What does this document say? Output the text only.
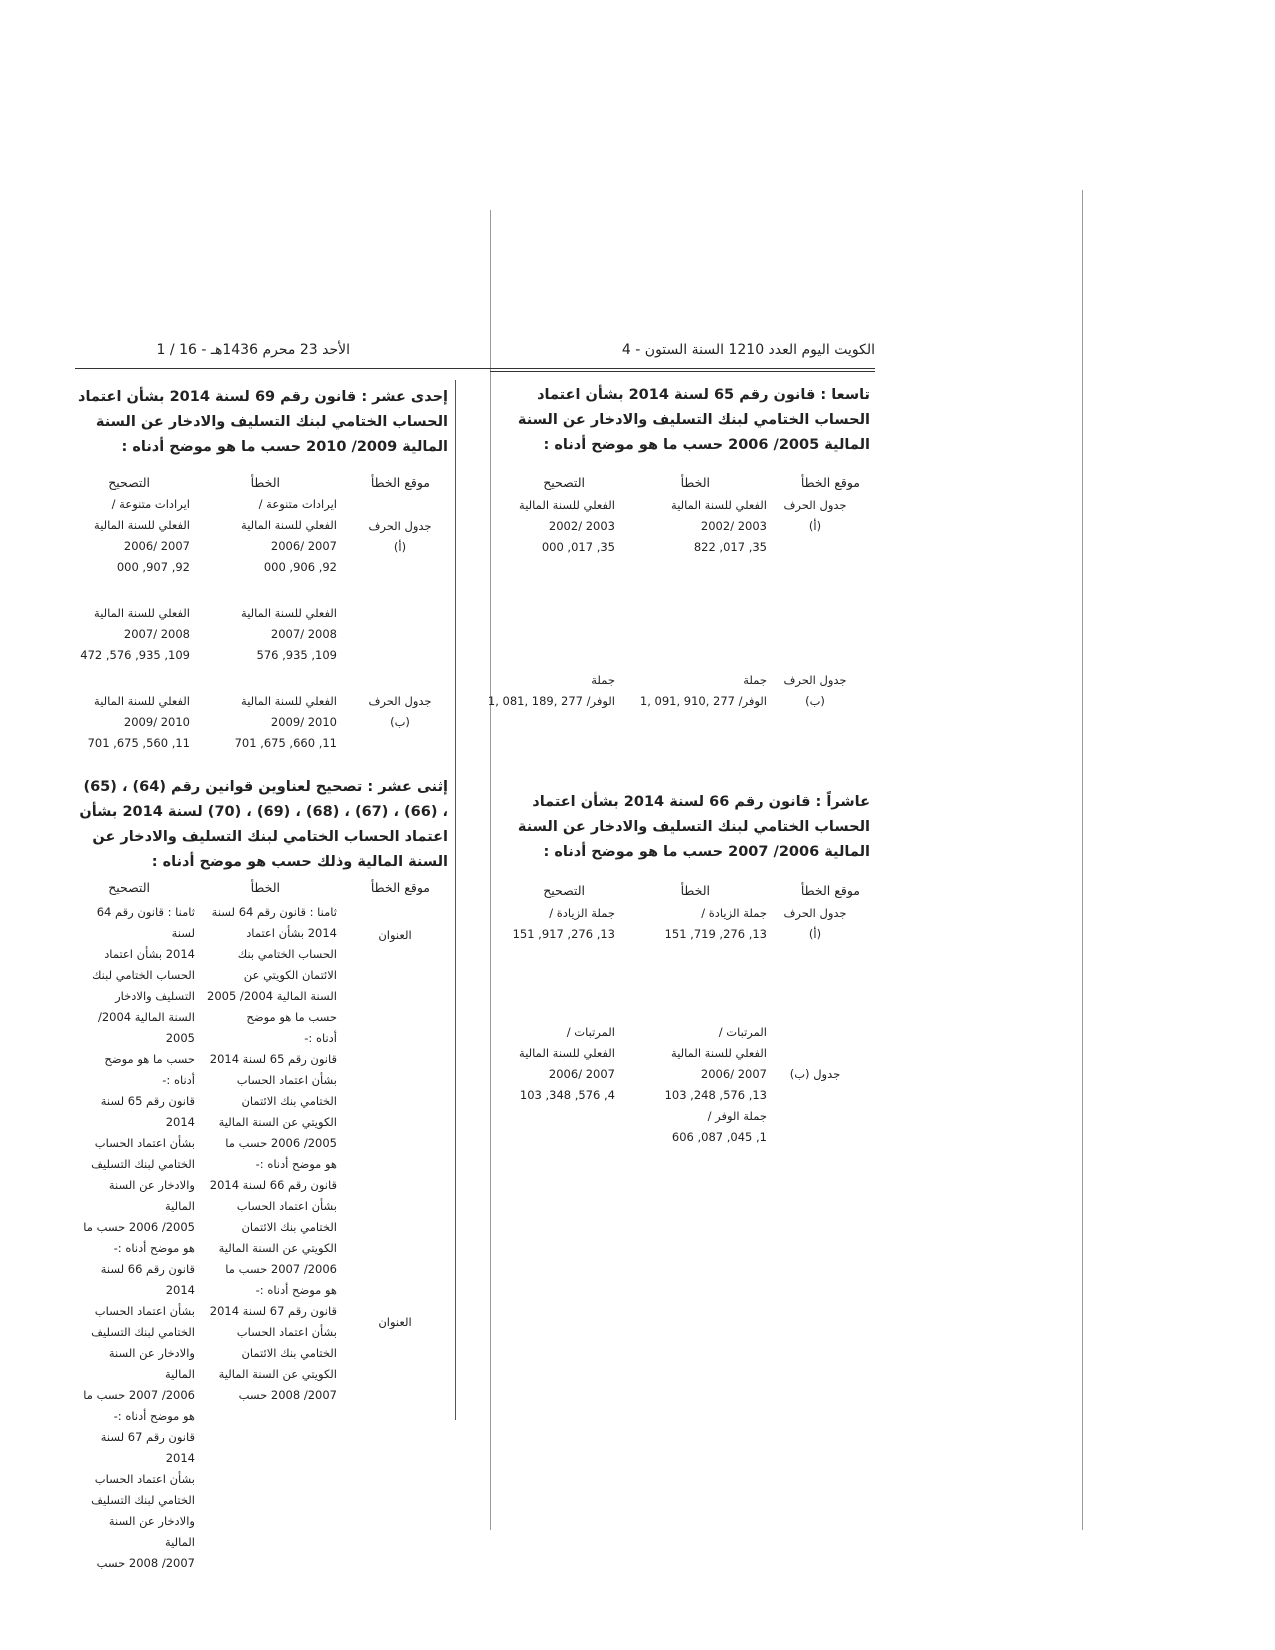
الكويت اليوم العدد 1210 السنة الستون - 4
الأحد 23 محرم 1436هـ - 16 / 1
تاسعا : قانون رقم 65 لسنة 2014 بشأن اعتماد الحساب الختامي لبنك التسليف والادخار عن السنة المالية 2005/ 2006 حسب ما هو موضح أدناه :
موقع الخطأ
الخطأ
التصحيح
جدول الحرف
(أ)
الفعلي للسنة المالية
2003 /2002
35, 017, 822
الفعلي للسنة المالية
2003 /2002
35, 017, 000
جدول الحرف
(ب)
جملة
الوفر/ 277 ,910 ,091 ,1
جملة
الوفر/ 277 ,189 ,081 ,1
عاشراً : قانون رقم 66 لسنة 2014 بشأن اعتماد الحساب الختامي لبنك التسليف والادخار عن السنة المالية 2006/ 2007 حسب ما هو موضح أدناه :
موقع الخطأ
الخطأ
التصحيح
جدول الحرف
(أ)
جملة الزيادة /
13, 276, 719, 151
جملة الزيادة /
13, 276, 917, 151
جدول (ب)
المرتبات /
الفعلي للسنة المالية
2007 /2006
13, 576, 248, 103
جملة الوفر /
1, 045, 087, 606
المرتبات /
الفعلي للسنة المالية
2007 /2006
4, 576, 348, 103
إحدى عشر : قانون رقم 69 لسنة 2014 بشأن اعتماد الحساب الختامي لبنك التسليف والادخار عن السنة المالية 2009/ 2010 حسب ما هو موضح أدناه :
موقع الخطأ
الخطأ
التصحيح
جدول الحرف
(أ)
ايرادات متنوعة /
الفعلي للسنة المالية
2007 /2006
92, 906, 000
ايرادات متنوعة /
الفعلي للسنة المالية
2007 /2006
92, 907, 000
الفعلي للسنة المالية
2008 /2007
109, 935, 576
الفعلي للسنة المالية
2008 /2007
109, 935, 576, 472
جدول الحرف
(ب)
الفعلي للسنة المالية
2010 /2009
11, 660, 675, 701
الفعلي للسنة المالية
2010 /2009
11, 560, 675, 701
إثنى عشر : تصحيح لعناوين قوانين رقم (64) ، (65) ، (66) ، (67) ، (68) ، (69) ، (70) لسنة 2014 بشأن اعتماد الحساب الختامي لبنك التسليف والادخار عن السنة المالية وذلك حسب هو موضح أدناه :
موقع الخطأ
الخطأ
التصحيح
العنوان
العنوان
ثامنا : قانون رقم 64 لسنة
2014 بشأن اعتماد
الحساب الختامي بنك
الائتمان الكويتي عن
السنة المالية 2004/ 2005
حسب ما هو موضح
أدناه :-
قانون رقم 65 لسنة 2014
بشأن اعتماد الحساب
الختامي بنك الائتمان
الكويتي عن السنة المالية
2005/ 2006 حسب ما
هو موضح أدناه :-
قانون رقم 66 لسنة 2014
بشأن اعتماد الحساب
الختامي بنك الائتمان
الكويتي عن السنة المالية
2006/ 2007 حسب ما
هو موضح أدناه :-
قانون رقم 67 لسنة 2014
بشأن اعتماد الحساب
الختامي بنك الائتمان
الكويتي عن السنة المالية
2007/ 2008 حسب
ثامنا : قانون رقم 64 لسنة
2014 بشأن اعتماد
الحساب الختامي لبنك
التسليف والادخار
السنة المالية 2004/ 2005
حسب ما هو موضح
أدناه :-
قانون رقم 65 لسنة 2014
بشأن اعتماد الحساب
الختامي لبنك التسليف
والادخار عن السنة المالية
2005/ 2006 حسب ما
هو موضح أدناه :-
قانون رقم 66 لسنة 2014
بشأن اعتماد الحساب
الختامي لبنك التسليف
والادخار عن السنة المالية
2006/ 2007 حسب ما
هو موضح أدناه :-
قانون رقم 67 لسنة 2014
بشأن اعتماد الحساب
الختامي لبنك التسليف
والادخار عن السنة المالية
2007/ 2008 حسب
